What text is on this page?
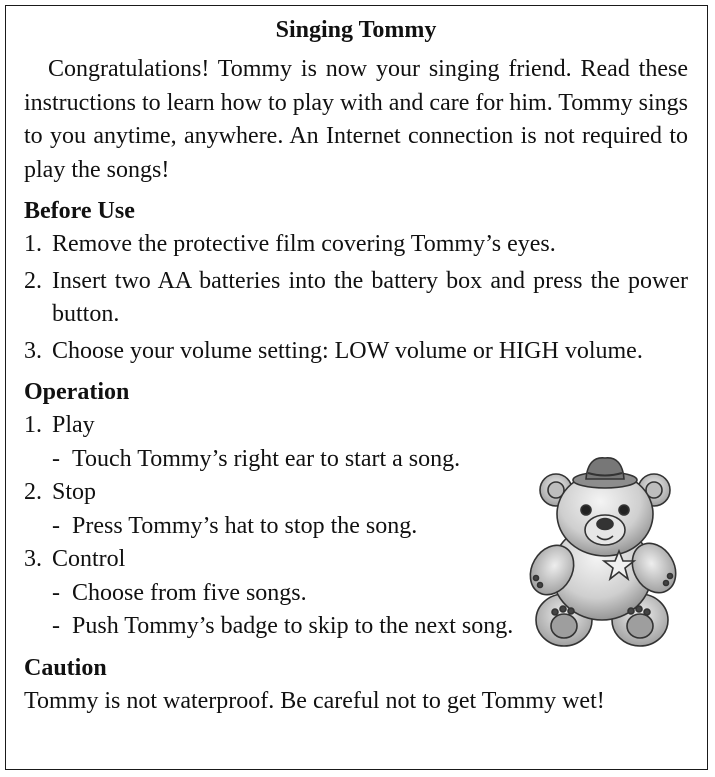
Singing Tommy

Congratulations! Tommy is now your singing friend. Read these instructions to learn how to play with and care for him. Tommy sings to you anytime, anywhere. An Internet connection is not required to play the songs!

Before Use
1. Remove the protective film covering Tommy’s eyes.
2. Insert two AA batteries into the battery box and press the power button.
3. Choose your volume setting: LOW volume or HIGH volume.
Operation
1. Play
- Touch Tommy’s right ear to start a song.
2. Stop
- Press Tommy’s hat to stop the song.
3. Control
- Choose from five songs.
- Push Tommy’s badge to skip to the next song.
Caution

Tommy is not waterproof. Be careful not to get Tommy wet!
